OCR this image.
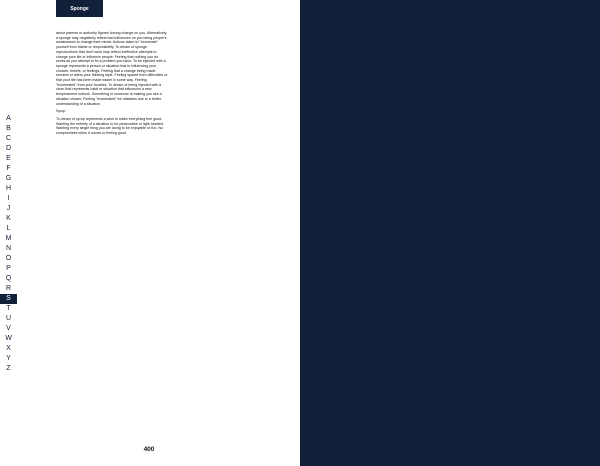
Sponge

about parents or authority figures forcing change on you. Alternatively, a sponge may negatively reflect bad influences on you being people's weaknesses to change their minds. Actions taken to "exonerate" yourself from blame or responsibility. To dream of sponge reproductions that don't work may reflect ineffective attempts to change your life or influence people. Feeling that nothing you do works as you attempt to fix a problem you have. To be injected with a sponge represents a person or situation that is influencing your choices, beliefs, or feelings. Feeling that a change being made remains or alters your thinking style. Feeling spared from difficulties or that your life has been made easier in some way. Feeling "exonerated" from your troubles. To dream of being injected with a clear fluid represents habit or situation that influences a new temperament outlook. Something or someone is making you see a situation clearer. Feeling "exonerated" for mistakes due to a better understanding of a situation.

Syrup

To dream of syrup represents a wish to make everything feel good. Wanting the entirety of a situation to be pleasurable or light-hearted. Wanting every single thing you are doing to be enjoyable or fun. No compromises when it comes to feeling good.

A
B
C
D
E
F
G
H
I
J
K
L
M
N
O
P
Q
R
S
T
U
V
W
X
Y
Z
400
